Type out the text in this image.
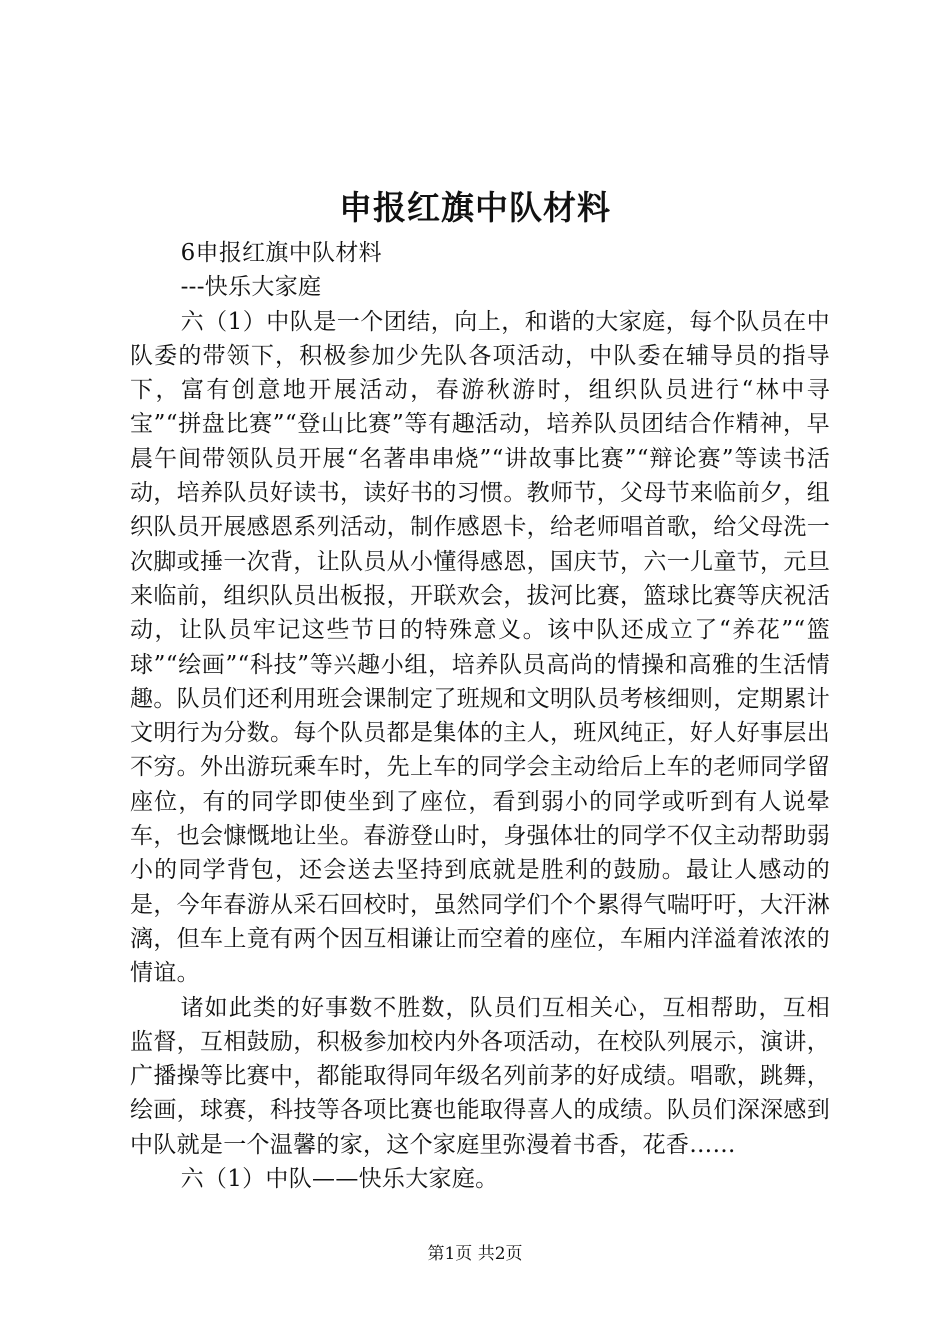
申报红旗中队材料

6申报红旗中队材料

---快乐大家庭

六（1）中队是一个团结，向上，和谐的大家庭，每个队员在中队委的带领下，积极参加少先队各项活动，中队委在辅导员的指导下，富有创意地开展活动，春游秋游时，组织队员进行“林中寻宝”“拼盘比赛”“登山比赛”等有趣活动，培养队员团结合作精神，早晨午间带领队员开展“名著串串烧”“讲故事比赛”“辩论赛”等读书活动，培养队员好读书，读好书的习惯。教师节，父母节来临前夕，组织队员开展感恩系列活动，制作感恩卡，给老师唱首歌，给父母洗一次脚或捶一次背，让队员从小懂得感恩，国庆节，六一儿童节，元旦来临前，组织队员出板报，开联欢会，拔河比赛，篮球比赛等庆祝活动，让队员牢记这些节日的特殊意义。该中队还成立了“养花”“篮球”“绘画”“科技”等兴趣小组，培养队员高尚的情操和高雅的生活情趣。队员们还利用班会课制定了班规和文明队员考核细则，定期累计文明行为分数。每个队员都是集体的主人，班风纯正，好人好事层出不穷。外出游玩乘车时，先上车的同学会主动给后上车的老师同学留座位，有的同学即使坐到了座位，看到弱小的同学或听到有人说晕车，也会慷慨地让坐。春游登山时，身强体壮的同学不仅主动帮助弱小的同学背包，还会送去坚持到底就是胜利的鼓励。最让人感动的是，今年春游从采石回校时，虽然同学们个个累得气喘吁吁，大汗淋漓，但车上竟有两个因互相谦让而空着的座位，车厢内洋溢着浓浓的情谊。

诸如此类的好事数不胜数，队员们互相关心，互相帮助，互相监督，互相鼓励，积极参加校内外各项活动，在校队列展示，演讲，广播操等比赛中，都能取得同年级名列前茅的好成绩。唱歌，跳舞，绘画，球赛，科技等各项比赛也能取得喜人的成绩。队员们深深感到中队就是一个温馨的家，这个家庭里弥漫着书香，花香……

六（1）中队——快乐大家庭。

第1页 共2页
